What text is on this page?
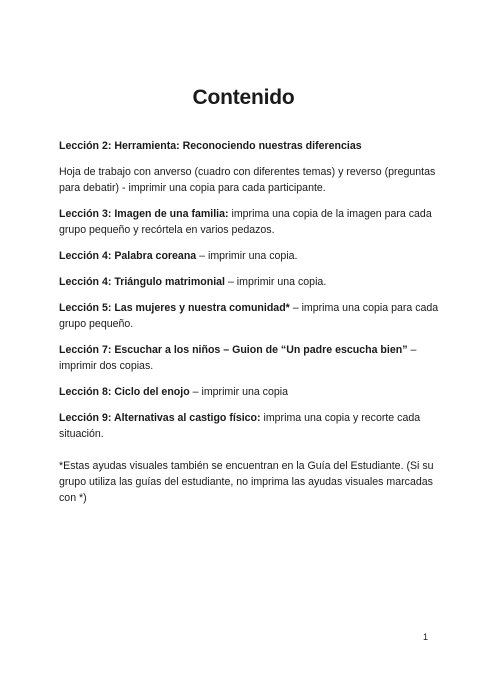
Contenido

Lección 2: Herramienta: Reconociendo nuestras diferencias

Hoja de trabajo con anverso (cuadro con diferentes temas) y reverso (preguntas para debatir) - imprimir una copia para cada participante.

Lección 3: Imagen de una familia: imprima una copia de la imagen para cada grupo pequeño y recórtela en varios pedazos.

Lección 4: Palabra coreana – imprimir una copia.

Lección 4: Triángulo matrimonial – imprimir una copia.

Lección 5: Las mujeres y nuestra comunidad* – imprima una copia para cada grupo pequeño.

Lección 7: Escuchar a los niños – Guion de “Un padre escucha bien” – imprimir dos copias.

Lección 8: Ciclo del enojo – imprimir una copia

Lección 9: Alternativas al castigo físico: imprima una copia y recorte cada situación.

*Estas ayudas visuales también se encuentran en la Guía del Estudiante. (Si su grupo utiliza las guías del estudiante, no imprima las ayudas visuales marcadas con *)

1
